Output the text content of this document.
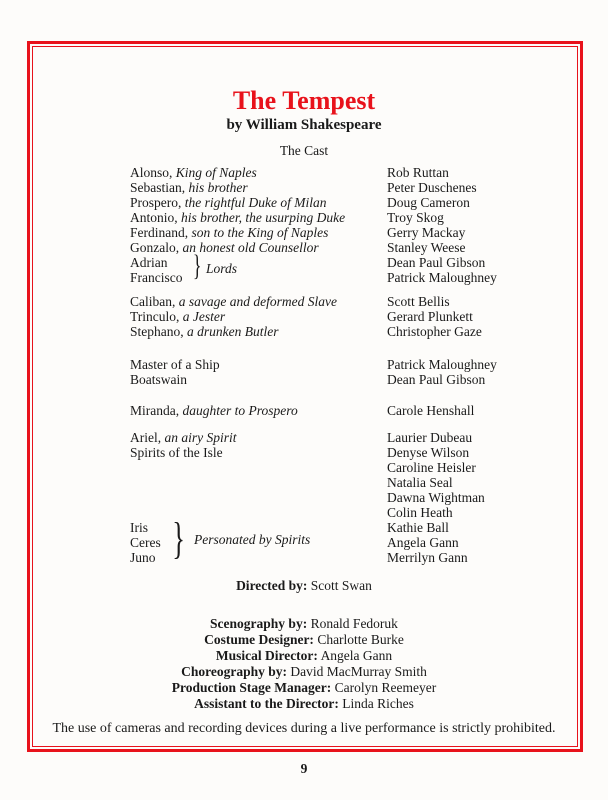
The Tempest
by William Shakespeare
The Cast
Alonso, King of Naples	Rob Ruttan
Sebastian, his brother	Peter Duschenes
Prospero, the rightful Duke of Milan	Doug Cameron
Antonio, his brother, the usurping Duke	Troy Skog
Ferdinand, son to the King of Naples	Gerry Mackay
Gonzalo, an honest old Counsellor	Stanley Weese
Adrian	Dean Paul Gibson
Francisco	Patrick Maloughney
Caliban, a savage and deformed Slave	Scott Bellis
Trinculo, a Jester	Gerard Plunkett
Stephano, a drunken Butler	Christopher Gaze
Master of a Ship	Patrick Maloughney
Boatswain	Dean Paul Gibson
Miranda, daughter to Prospero	Carole Henshall
Ariel, an airy Spirit	Laurier Dubeau
Spirits of the Isle	Denyse Wilson
Caroline Heisler
Natalia Seal
Dawna Wightman
Colin Heath
Iris	Kathie Ball
Ceres	Angela Gann
Juno	Merrilyn Gann
} Lords
} Personated by Spirits
Directed by: Scott Swan
Scenography by: Ronald Fedoruk
Costume Designer: Charlotte Burke
Musical Director: Angela Gann
Choreography by: David MacMurray Smith
Production Stage Manager: Carolyn Reemeyer
Assistant to the Director: Linda Riches
The use of cameras and recording devices during a live performance is strictly prohibited.
9
